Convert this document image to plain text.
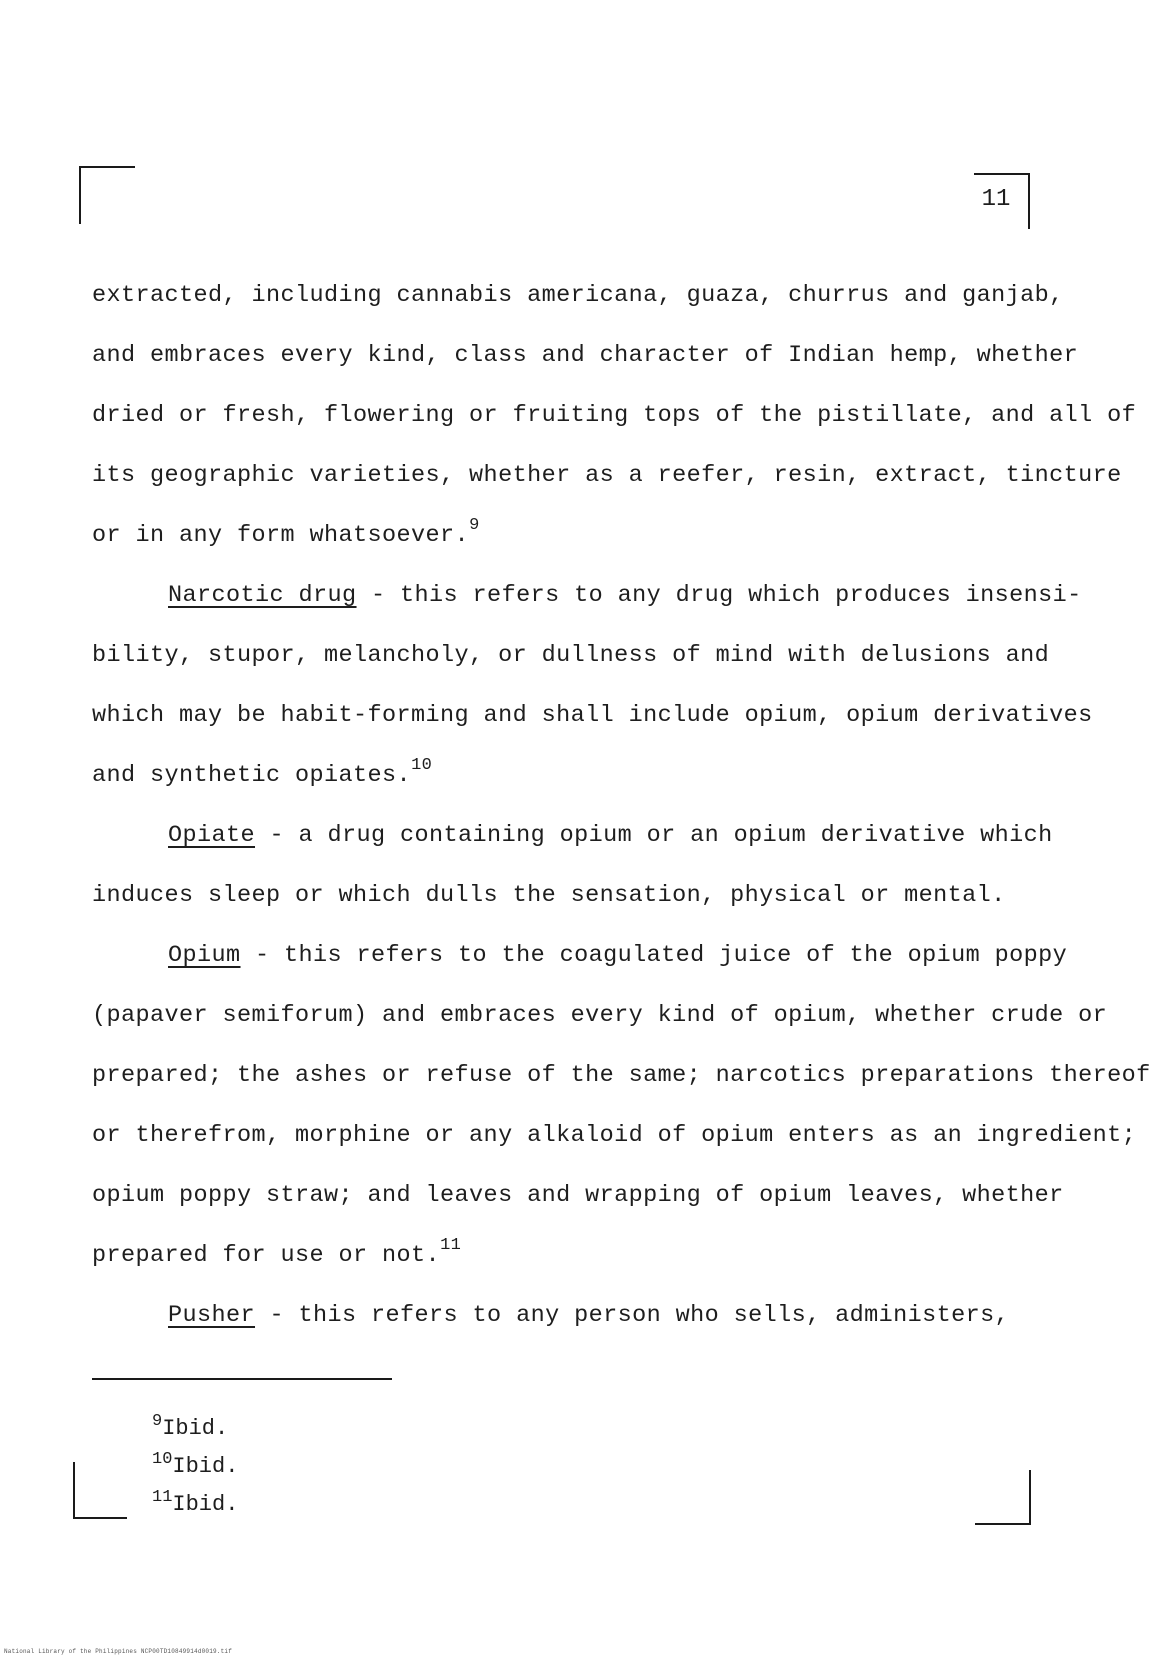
11
extracted, including cannabis americana, guaza, churrus and ganjab,
and embraces every kind, class and character of Indian hemp, whether
dried or fresh, flowering or fruiting tops of the pistillate, and all of
its geographic varieties, whether as a reefer, resin, extract, tincture
or in any form whatsoever.$^9$
Narcotic drug - this refers to any drug which produces insensi-
bility, stupor, melancholy, or dullness of mind with delusions and
which may be habit-forming and shall include opium, opium derivatives
and synthetic opiates.$^{10}$
Opiate - a drug containing opium or an opium derivative which
induces sleep or which dulls the sensation, physical or mental.
Opium - this refers to the coagulated juice of the opium poppy
(papaver semiforum) and embraces every kind of opium, whether crude or
prepared; the ashes or refuse of the same; narcotics preparations thereof
or therefrom, morphine or any alkaloid of opium enters as an ingredient;
opium poppy straw; and leaves and wrapping of opium leaves, whether
prepared for use or not.$^{11}$
Pusher - this refers to any person who sells, administers,
$^9$Ibid.
$^{10}$Ibid.
$^{11}$Ibid.
National Library of the Philippines NCP00TD10849914d0019.tif
